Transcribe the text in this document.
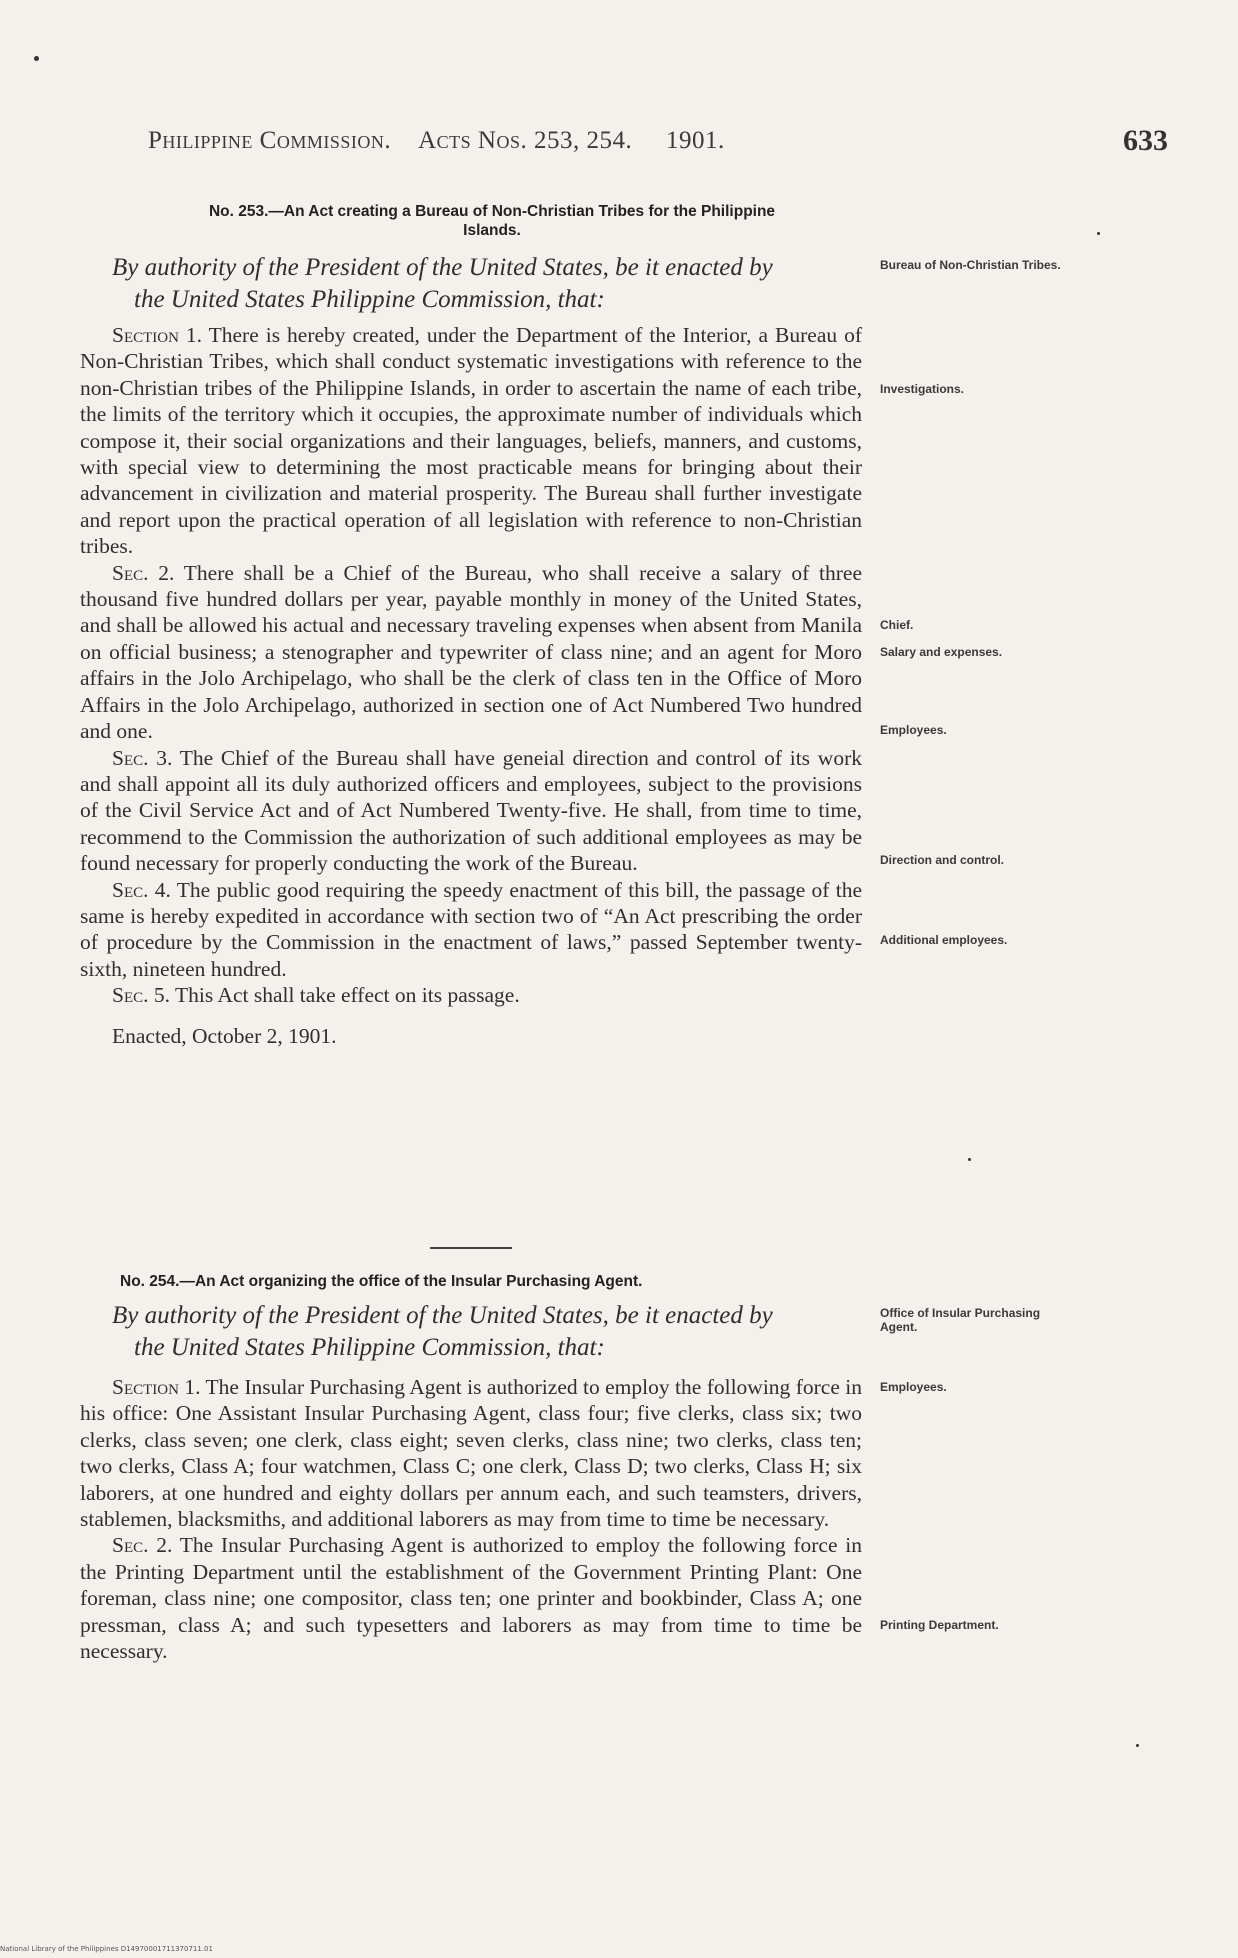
Philippine Commission. Acts Nos. 253, 254. 1901.	633
No. 253.—An Act creating a Bureau of Non-Christian Tribes for the Philippine
Islands.
By authority of the President of the United States, be it enacted by
the United States Philippine Commission, that:

Section 1. There is hereby created, under the Department of the Interior, a Bureau of Non-Christian Tribes, which shall conduct systematic investigations with reference to the non-Christian tribes of the Philippine Islands, in order to ascertain the name of each tribe, the limits of the territory which it occupies, the approximate number of individuals which compose it, their social organizations and their languages, beliefs, manners, and customs, with special view to determining the most practicable means for bringing about their advancement in civilization and material prosperity. The Bureau shall further investigate and report upon the practical operation of all legislation with reference to non-Christian tribes.

Sec. 2. There shall be a Chief of the Bureau, who shall receive a salary of three thousand five hundred dollars per year, payable monthly in money of the United States, and shall be allowed his actual and necessary traveling expenses when absent from Manila on official business; a stenographer and typewriter of class nine; and an agent for Moro affairs in the Jolo Archipelago, who shall be the clerk of class ten in the Office of Moro Affairs in the Jolo Archipelago, authorized in section one of Act Numbered Two hundred and one.

Sec. 3. The Chief of the Bureau shall have geneial direction and control of its work and shall appoint all its duly authorized officers and employees, subject to the provisions of the Civil Service Act and of Act Numbered Twenty-five. He shall, from time to time, recommend to the Commission the authorization of such additional employees as may be found necessary for properly conducting the work of the Bureau.

Sec. 4. The public good requiring the speedy enactment of this bill, the passage of the same is hereby expedited in accordance with section two of “An Act prescribing the order of procedure by the Commission in the enactment of laws,” passed September twenty-sixth, nineteen hundred.

Sec. 5. This Act shall take effect on its passage.

Enacted, October 2, 1901.

No. 254.—An Act organizing the office of the Insular Purchasing Agent.
By authority of the President of the United States, be it enacted by
the United States Philippine Commission, that:

Section 1. The Insular Purchasing Agent is authorized to employ the following force in his office: One Assistant Insular Purchasing Agent, class four; five clerks, class six; two clerks, class seven; one clerk, class eight; seven clerks, class nine; two clerks, class ten; two clerks, Class A; four watchmen, Class C; one clerk, Class D; two clerks, Class H; six laborers, at one hundred and eighty dollars per annum each, and such teamsters, drivers, stablemen, blacksmiths, and additional laborers as may from time to time be necessary.

Sec. 2. The Insular Purchasing Agent is authorized to employ the following force in the Printing Department until the establishment of the Government Printing Plant: One foreman, class nine; one compositor, class ten; one printer and bookbinder, Class A; one pressman, class A; and such typesetters and laborers as may from time to time be necessary.

Bureau of Non-Christian Tribes.
Investigations.
Chief.
Salary and expenses.
Employees.
Direction and control.
Additional employees.
Office of Insular Purchasing Agent.
Employees.
Printing Department.
National Library of the Philippines D14970001711370711.01
